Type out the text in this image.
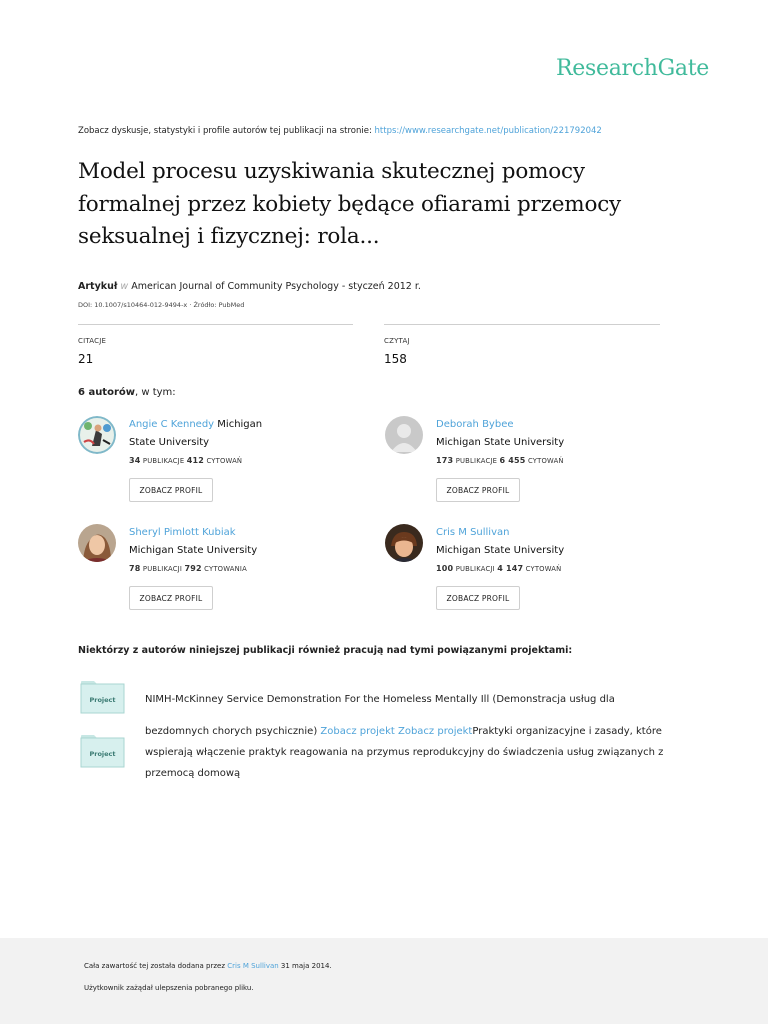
ResearchGate
Zobacz dyskusje, statystyki i profile autorów tej publikacji na stronie: https://www.researchgate.net/publication/221792042
Model procesu uzyskiwania skutecznej pomocy
formalnej przez kobiety będące ofiarami przemocy
seksualnej i fizycznej: rola...
Artykuł w American Journal of Community Psychology - styczeń 2012 r.
DOI: 10.1007/s10464-012-9494-x · Źródło: PubMed
CITACJE
21
CZYTAJ
158
6 autorów, w tym:
Angie C Kennedy Michigan
State University
34 PUBLIKACJE 412 CYTOWAŃ
ZOBACZ PROFIL
Deborah Bybee
Michigan State University
173 PUBLIKACJE 6 455 CYTOWAŃ
ZOBACZ PROFIL
Sheryl Pimlott Kubiak
Michigan State University
78 PUBLIKACJI 792 CYTOWANIA
ZOBACZ PROFIL
Cris M Sullivan
Michigan State University
100 PUBLIKACJI 4 147 CYTOWAŃ
ZOBACZ PROFIL
Niektórzy z autorów niniejszej publikacji również pracują nad tymi powiązanymi projektami:
Project
Project
NIMH-McKinney Service Demonstration For the Homeless Mentally Ill (Demonstracja usług dla
bezdomnych chorych psychicznie) Zobacz projekt Zobacz projektPraktyki organizacyjne i zasady, które
wspierają włączenie praktyk reagowania na przymus reprodukcyjny do świadczenia usług związanych z
przemocą domową
Cała zawartość tej została dodana przez Cris M Sullivan 31 maja 2014.
Użytkownik zażądał ulepszenia pobranego pliku.
